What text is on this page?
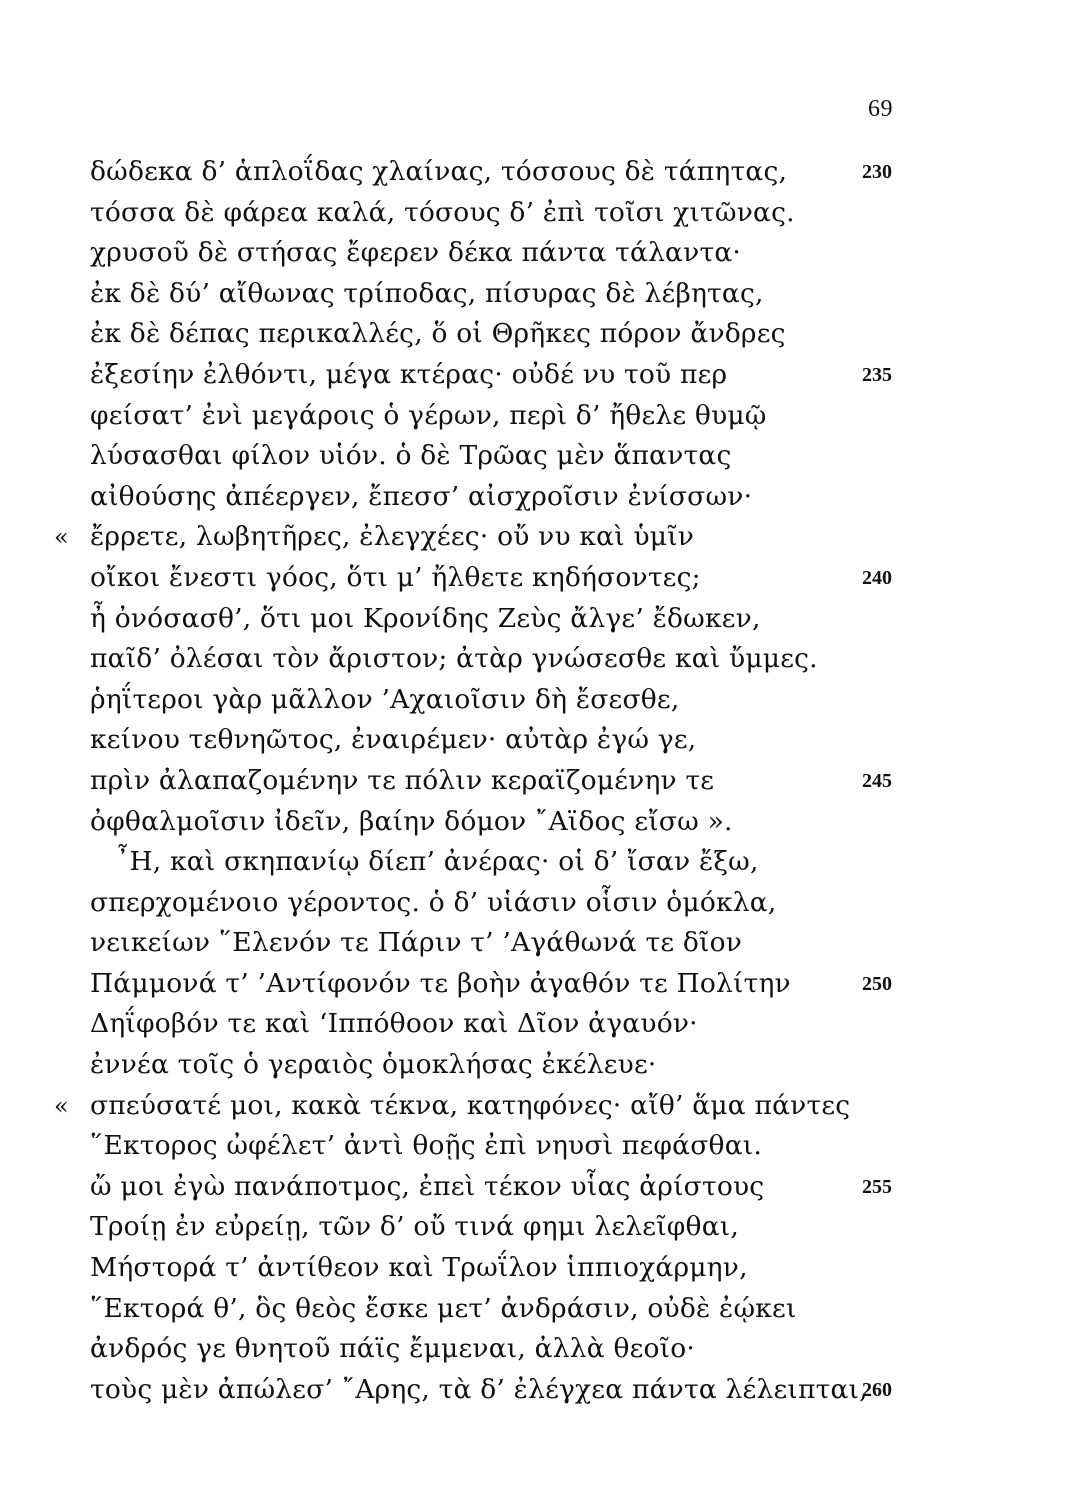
69
δώδεκα δ’ ἁπλοΐδας χλαίνας, τόσσους δὲ τάπητας,	230
τόσσα δὲ φάρεα καλά, τόσους δ’ ἐπὶ τοῖσι χιτῶνας.
χρυσοῦ δὲ στήσας ἔφερεν δέκα πάντα τάλαντα·
ἐκ δὲ δύ’ αἴθωνας τρίποδας, πίσυρας δὲ λέβητας,
ἐκ δὲ δέπας περικαλλές, ὅ οἱ Θρῆκες πόρον ἄνδρες
ἐξεσίην ἐλθόντι, μέγα κτέρας· οὐδέ νυ τοῦ περ	235
φείσατ’ ἐνὶ μεγάροις ὁ γέρων, περὶ δ’ ἤθελε θυμῷ
λύσασθαι φίλον υἱόν. ὁ δὲ Τρῶας μὲν ἅπαντας
αἰθούσης ἀπέεργεν, ἔπεσσ’ αἰσχροῖσιν ἐνίσσων·
« ἔρρετε, λωβητῆρες, ἐλεγχέες· οὔ νυ καὶ ὑμῖν
οἴκοι ἔνεστι γόος, ὅτι μ’ ἤλθετε κηδήσοντες;	240
ἦ ὀνόσασθ’, ὅτι μοι Κρονίδης Ζεὺς ἄλγε’ ἔδωκεν,
παῖδ’ ὀλέσαι τὸν ἄριστον; ἀτὰρ γνώσεσθε καὶ ὔμμες.
ῥηΐτεροι γὰρ μᾶλλον ’Αχαιοῖσιν δὴ ἔσεσθε,
κείνου τεθνηῶτος, ἐναιρέμεν· αὐτὰρ ἐγώ γε,
πρὶν ἀλαπαζομένην τε πόλιν κεραϊζομένην τε	245
ὀφθαλμοῖσιν ἰδεῖν, βαίην δόμον ῎Αϊδος εἴσω ».
῏Η, καὶ σκηπανίῳ δίεπ’ ἀνέρας· οἱ δ’ ἴσαν ἔξω,
σπερχομένοιο γέροντος. ὁ δ’ υἱάσιν οἷσιν ὁμόκλα,
νεικείων ῞Ελενόν τε Πάριν τ’ ’Αγάθωνά τε δῖον
Πάμμονά τ’ ’Αντίφονόν τε βοὴν ἀγαθόν τε Πολίτην	250
Δηΐφοβόν τε καὶ ‘Ιππόθοον καὶ Δῖον ἀγαυόν·
ἐννέα τοῖς ὁ γεραιὸς ὁμοκλήσας ἐκέλευε·
« σπεύσατέ μοι, κακὰ τέκνα, κατηφόνες· αἴθ’ ἅμα πάντες
῞Εκτορος ὠφέλετ’ ἀντὶ θοῇς ἐπὶ νηυσὶ πεφάσθαι.
ὤ μοι ἐγὼ πανάποτμος, ἐπεὶ τέκον υἷας ἀρίστους	255
Τροίῃ ἐν εὐρείῃ, τῶν δ’ οὔ τινά φημι λελεῖφθαι,
Μήστορά τ’ ἀντίθεον καὶ Τρωΐλον ἱππιοχάρμην,
῞Εκτορά θ’, ὃς θεὸς ἔσκε μετ’ ἀνδράσιν, οὐδὲ ἐῴκει
ἀνδρός γε θνητοῦ πάϊς ἔμμεναι, ἀλλὰ θεοῖο·
τοὺς μὲν ἀπώλεσ’ ῎Αρης, τὰ δ’ ἐλέγχεα πάντα λέλειπται,
260
